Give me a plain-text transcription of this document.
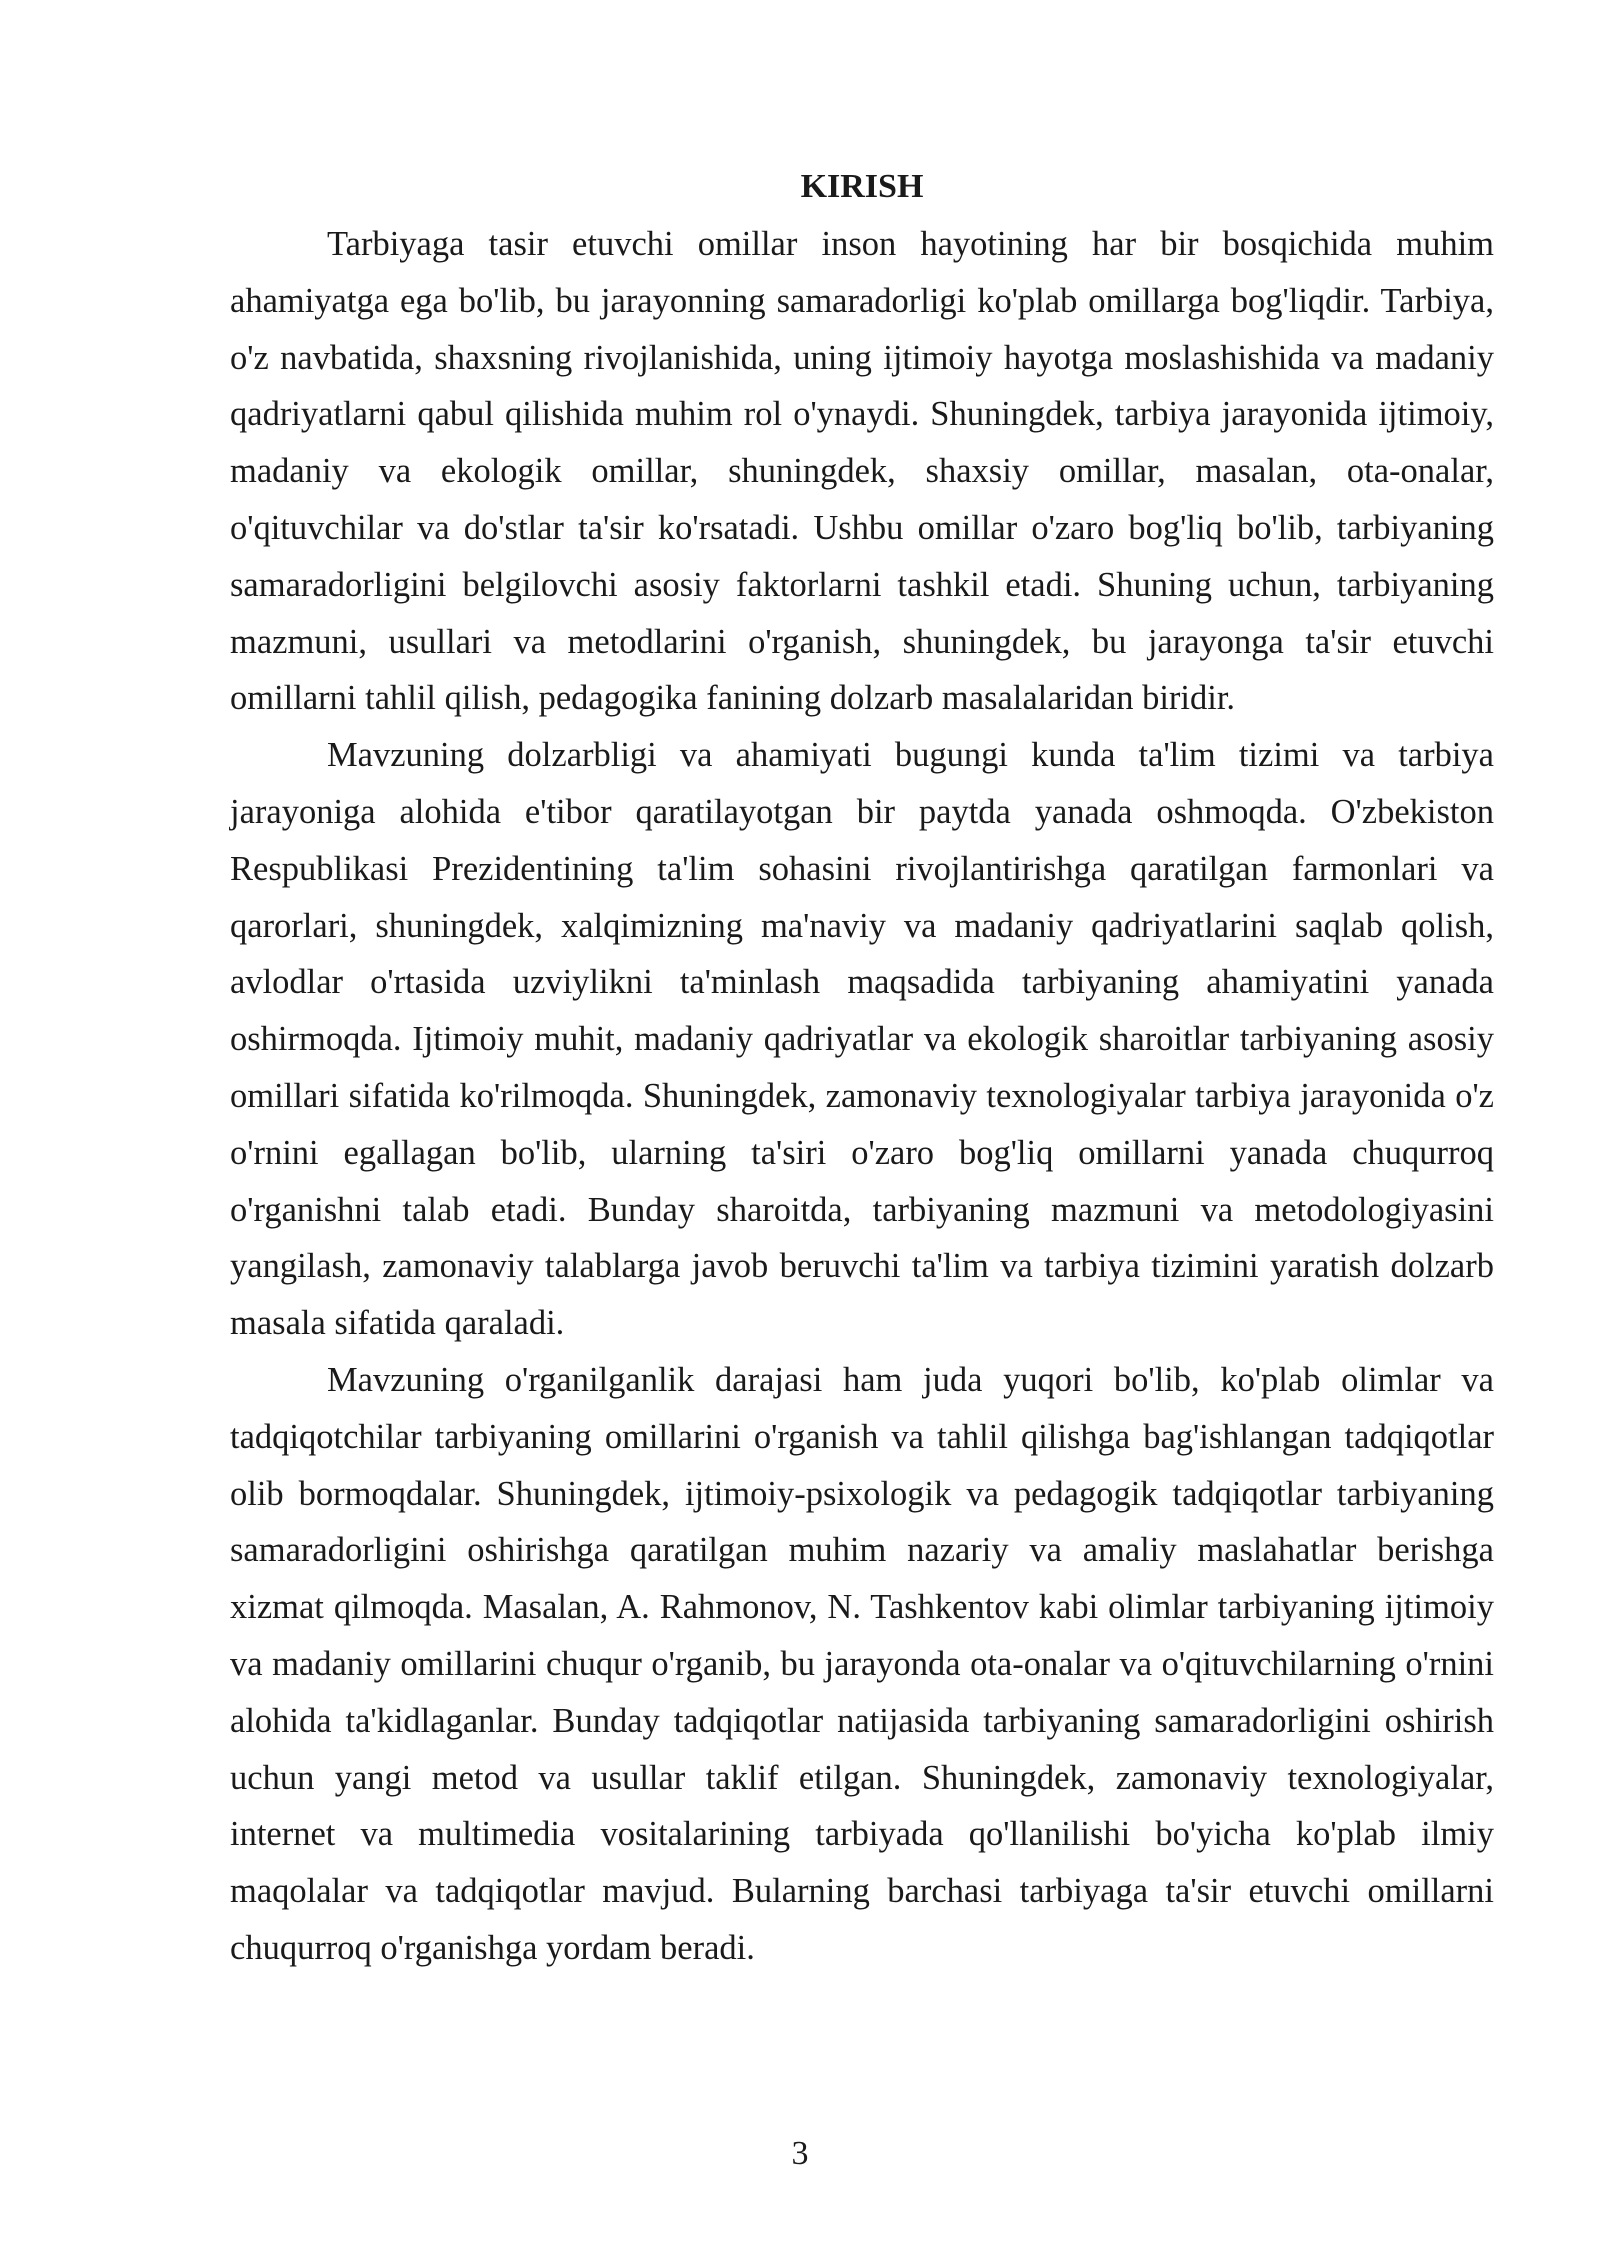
KIRISH

Tarbiyaga tasir etuvchi omillar inson hayotining har bir bosqichida muhim ahamiyatga ega bo'lib, bu jarayonning samaradorligi ko'plab omillarga bog'liqdir. Tarbiya, o'z navbatida, shaxsning rivojlanishida, uning ijtimoiy hayotga moslashishida va madaniy qadriyatlarni qabul qilishida muhim rol o'ynaydi. Shuningdek, tarbiya jarayonida ijtimoiy, madaniy va ekologik omillar, shuningdek, shaxsiy omillar, masalan, ota-onalar, o'qituvchilar va do'stlar ta'sir ko'rsatadi. Ushbu omillar o'zaro bog'liq bo'lib, tarbiyaning samaradorligini belgilovchi asosiy faktorlarni tashkil etadi. Shuning uchun, tarbiyaning mazmuni, usullari va metodlarini o'rganish, shuningdek, bu jarayonga ta'sir etuvchi omillarni tahlil qilish, pedagogika fanining dolzarb masalalaridan biridir.

Mavzuning dolzarbligi va ahamiyati bugungi kunda ta'lim tizimi va tarbiya jarayoniga alohida e'tibor qaratilayotgan bir paytda yanada oshmoqda. O'zbekiston Respublikasi Prezidentining ta'lim sohasini rivojlantirishga qaratilgan farmonlari va qarorlari, shuningdek, xalqimizning ma'naviy va madaniy qadriyatlarini saqlab qolish, avlodlar o'rtasida uzviylikni ta'minlash maqsadida tarbiyaning ahamiyatini yanada oshirmoqda. Ijtimoiy muhit, madaniy qadriyatlar va ekologik sharoitlar tarbiyaning asosiy omillari sifatida ko'rilmoqda. Shuningdek, zamonaviy texnologiyalar tarbiya jarayonida o'z o'rnini egallagan bo'lib, ularning ta'siri o'zaro bog'liq omillarni yanada chuqurroq o'rganishni talab etadi. Bunday sharoitda, tarbiyaning mazmuni va metodologiyasini yangilash, zamonaviy talablarga javob beruvchi ta'lim va tarbiya tizimini yaratish dolzarb masala sifatida qaraladi.

Mavzuning o'rganilganlik darajasi ham juda yuqori bo'lib, ko'plab olimlar va tadqiqotchilar tarbiyaning omillarini o'rganish va tahlil qilishga bag'ishlangan tadqiqotlar olib bormoqdalar. Shuningdek, ijtimoiy-psixologik va pedagogik tadqiqotlar tarbiyaning samaradorligini oshirishga qaratilgan muhim nazariy va amaliy maslahatlar berishga xizmat qilmoqda. Masalan, A. Rahmonov, N. Tashkentov kabi olimlar tarbiyaning ijtimoiy va madaniy omillarini chuqur o'rganib, bu jarayonda ota-onalar va o'qituvchilarning o'rnini alohida ta'kidlaganlar. Bunday tadqiqotlar natijasida tarbiyaning samaradorligini oshirish uchun yangi metod va usullar taklif etilgan. Shuningdek, zamonaviy texnologiyalar, internet va multimedia vositalarining tarbiyada qo'llanilishi bo'yicha ko'plab ilmiy maqolalar va tadqiqotlar mavjud. Bularning barchasi tarbiyaga ta'sir etuvchi omillarni chuqurroq o'rganishga yordam beradi.

3
